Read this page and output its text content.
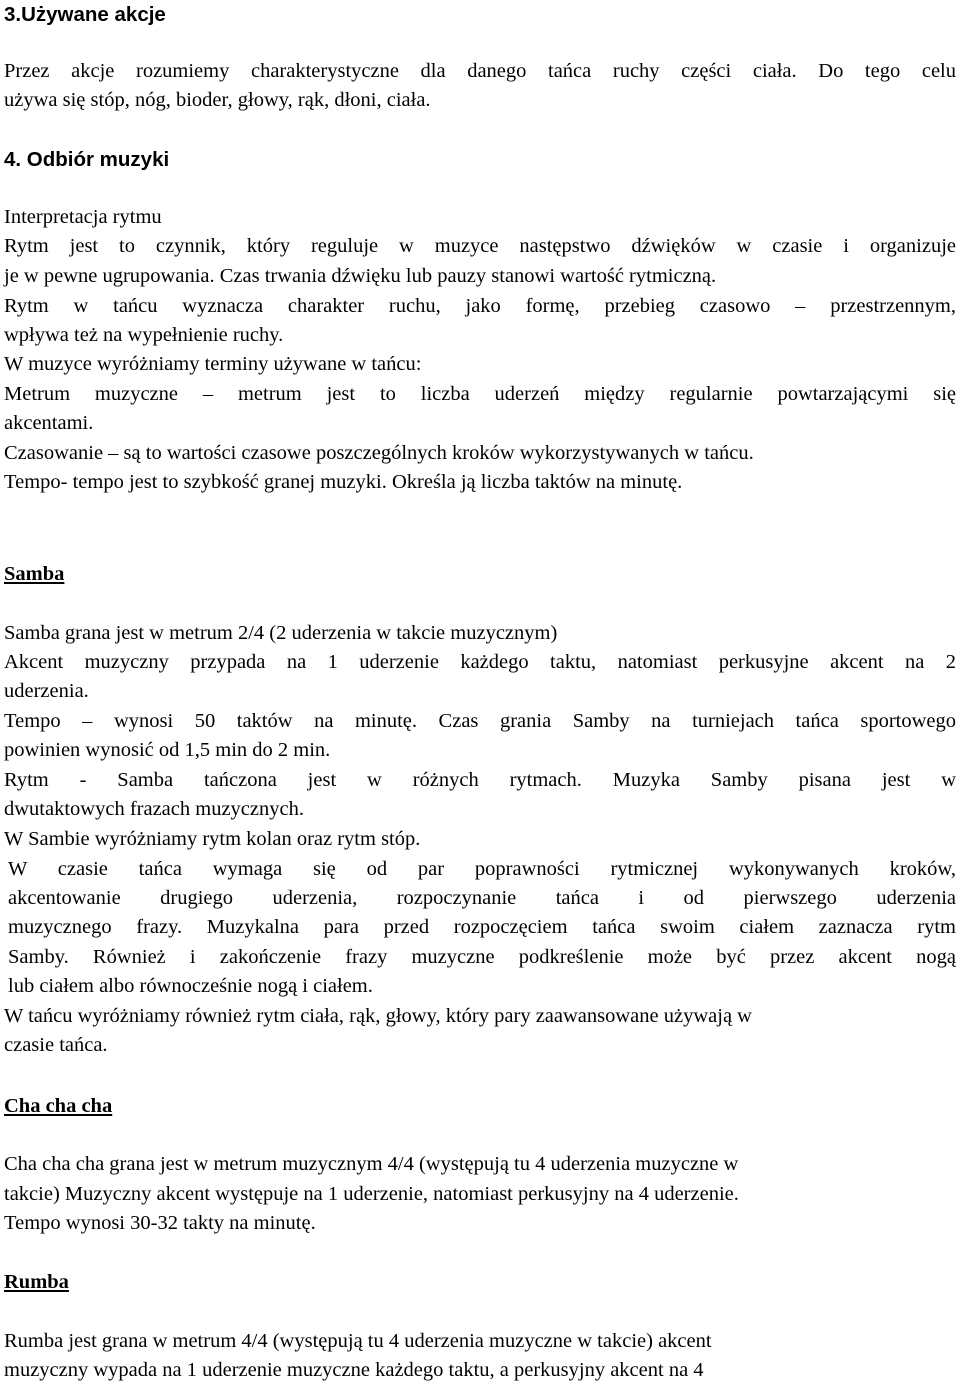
3.Używane akcje
Przez akcje rozumiemy charakterystyczne dla danego tańca ruchy części ciała. Do tego celu
używa się stóp, nóg, bioder, głowy, rąk, dłoni, ciała.
4. Odbiór muzyki
Interpretacja rytmu
Rytm jest to czynnik, który reguluje w muzyce następstwo dźwięków w czasie i organizuje
je w pewne ugrupowania. Czas trwania dźwięku lub pauzy stanowi wartość rytmiczną.
Rytm w tańcu wyznacza charakter ruchu, jako formę, przebieg czasowo – przestrzennym,
wpływa też na wypełnienie ruchy.
W muzyce wyróżniamy terminy używane w tańcu:
Metrum muzyczne – metrum jest to liczba uderzeń między regularnie powtarzającymi się
akcentami.
Czasowanie – są to wartości czasowe poszczególnych kroków wykorzystywanych w tańcu.
Tempo- tempo jest to szybkość granej muzyki. Określa ją liczba taktów na minutę.
Samba
Samba grana jest w metrum 2/4 (2 uderzenia w takcie muzycznym)
Akcent muzyczny przypada na 1 uderzenie każdego taktu, natomiast perkusyjne akcent na 2
uderzenia.
Tempo – wynosi 50 taktów na minutę. Czas grania Samby na turniejach tańca sportowego
powinien wynosić od 1,5 min do 2 min.
Rytm - Samba tańczona jest w różnych rytmach. Muzyka Samby pisana jest w
dwutaktowych frazach muzycznych.
W Sambie wyróżniamy rytm kolan oraz rytm stóp.
W czasie tańca wymaga się od par poprawności rytmicznej wykonywanych kroków,
akcentowanie drugiego uderzenia, rozpoczynanie tańca i od pierwszego uderzenia
muzycznego frazy. Muzykalna para przed rozpoczęciem tańca swoim ciałem zaznacza rytm
Samby. Również i zakończenie frazy muzyczne podkreślenie może być przez akcent nogą
lub ciałem albo równocześnie nogą i ciałem.
W tańcu wyróżniamy również rytm ciała, rąk, głowy, który pary zaawansowane używają w
czasie tańca.
Cha cha cha
Cha cha cha grana jest w metrum muzycznym 4/4 (występują tu 4 uderzenia muzyczne w
takcie) Muzyczny akcent występuje na 1 uderzenie, natomiast perkusyjny na 4 uderzenie.
Tempo wynosi 30-32 takty na minutę.
Rumba
Rumba jest grana w metrum 4/4 (występują tu 4 uderzenia muzyczne w takcie) akcent
muzyczny wypada na 1 uderzenie muzyczne każdego taktu, a perkusyjny akcent na 4
